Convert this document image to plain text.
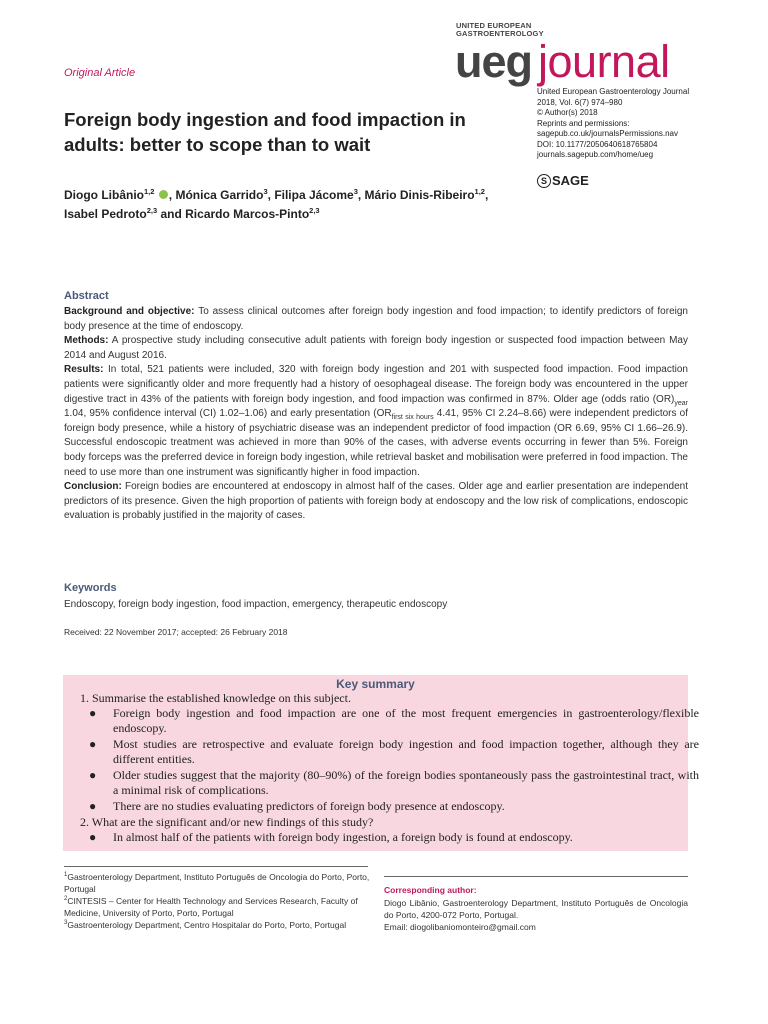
Original Article
UNITED EUROPEAN
GASTROENTEROLOGY
ueg journal
United European Gastroenterology Journal
2018, Vol. 6(7) 974–980
© Author(s) 2018
Reprints and permissions:
sagepub.co.uk/journalsPermissions.nav
DOI: 10.1177/2050640618765804
journals.sagepub.com/home/ueg
S SAGE
Foreign body ingestion and food impaction in adults: better to scope than to wait
Diogo Libânio$^{1,2}$ , Mónica Garrido$^3$, Filipa Jácome$^3$, Mário Dinis-Ribeiro$^{1,2}$,
Isabel Pedroto$^{2,3}$ and Ricardo Marcos-Pinto$^{2,3}$
Abstract

Background and objective: To assess clinical outcomes after foreign body ingestion and food impaction; to identify predictors of foreign body presence at the time of endoscopy.

Methods: A prospective study including consecutive adult patients with foreign body ingestion or suspected food impaction between May 2014 and August 2016.

Results: In total, 521 patients were included, 320 with foreign body ingestion and 201 with suspected food impaction. Food impaction patients were significantly older and more frequently had a history of oesophageal disease. The foreign body was encountered in the upper digestive tract in 43% of the patients with foreign body ingestion, and food impaction was confirmed in 87%. Older age (odds ratio $(OR)_{year}$ 1.04, 95% confidence interval (CI) 1.02–1.06) and early presentation ($OR_{first six hours}$ 4.41, 95% CI 2.24–8.66) were independent predictors of foreign body presence, while a history of psychiatric disease was an independent predictor of food impaction (OR 6.69, 95% CI 1.66–26.9). Successful endoscopic treatment was achieved in more than 90% of the cases, with adverse events occurring in fewer than 5%. Foreign body forceps was the preferred device in foreign body ingestion, while retrieval basket and mobilisation were preferred in food impaction. The need to use more than one instrument was significantly higher in food impaction.

Conclusion: Foreign bodies are encountered at endoscopy in almost half of the cases. Older age and earlier presentation are independent predictors of its presence. Given the high proportion of patients with foreign body at endoscopy and the low risk of complications, endoscopic evaluation is probably justified in the majority of cases.

Keywords
Endoscopy, foreign body ingestion, food impaction, emergency, therapeutic endoscopy
Received: 22 November 2017; accepted: 26 February 2018
Key summary
1. Summarise the established knowledge on this subject.
● Foreign body ingestion and food impaction are one of the most frequent emergencies in gastroenterology/flexible endoscopy.
● Most studies are retrospective and evaluate foreign body ingestion and food impaction together, although they are different entities.
● Older studies suggest that the majority (80–90%) of the foreign bodies spontaneously pass the gastrointestinal tract, with a minimal risk of complications.
● There are no studies evaluating predictors of foreign body presence at endoscopy.
2. What are the significant and/or new findings of this study?
● In almost half of the patients with foreign body ingestion, a foreign body is found at endoscopy.

$^1$Gastroenterology Department, Instituto Português de Oncologia do Porto, Porto, Portugal

$^2$CINTESIS – Center for Health Technology and Services Research, Faculty of Medicine, University of Porto, Porto, Portugal

$^3$Gastroenterology Department, Centro Hospitalar do Porto, Porto, Portugal

Corresponding author:
Diogo Libânio, Gastroenterology Department, Instituto Português de Oncologia do Porto, 4200-072 Porto, Portugal.
Email: diogolibaniomonteiro@gmail.com
